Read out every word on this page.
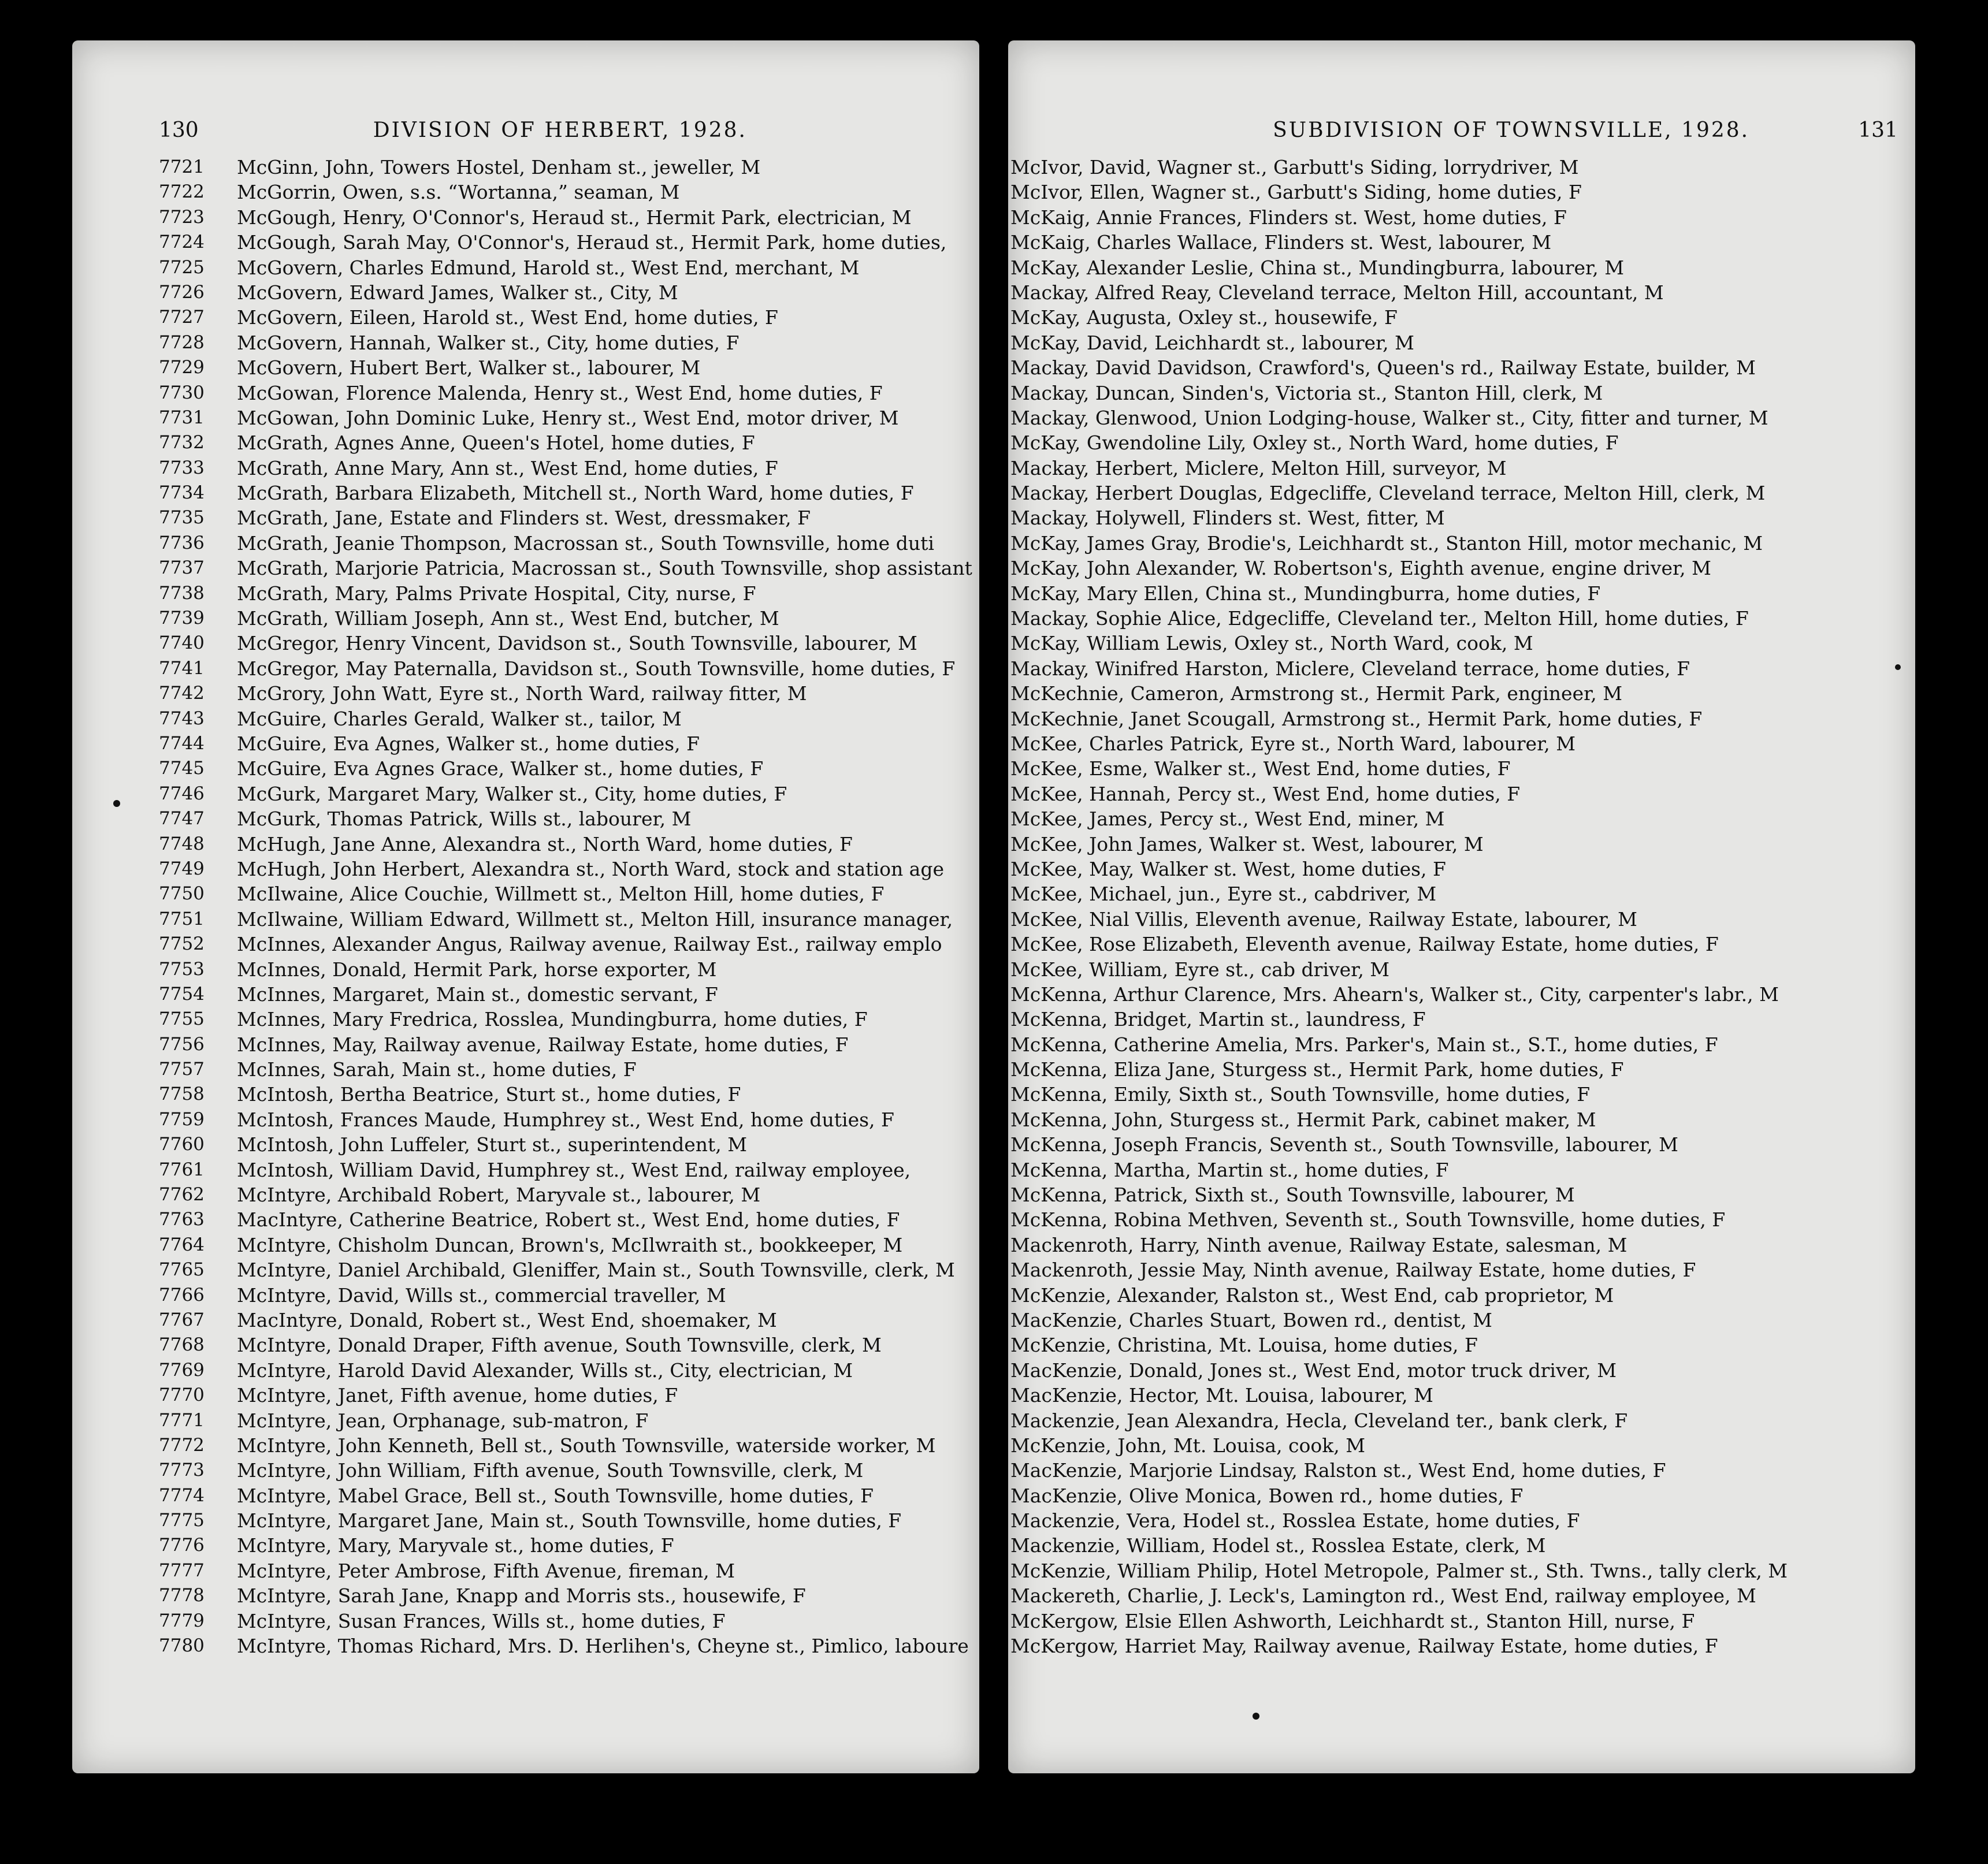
130	DIVISION OF HERBERT, 1928.
7721	McGinn, John, Towers Hostel, Denham st., jeweller, M
7722	McGorrin, Owen, s.s. “Wortanna,” seaman, M
7723	McGough, Henry, O'Connor's, Heraud st., Hermit Park, electrician, M
7724	McGough, Sarah May, O'Connor's, Heraud st., Hermit Park, home duties,
7725	McGovern, Charles Edmund, Harold st., West End, merchant, M
7726	McGovern, Edward James, Walker st., City, M
7727	McGovern, Eileen, Harold st., West End, home duties, F
7728	McGovern, Hannah, Walker st., City, home duties, F
7729	McGovern, Hubert Bert, Walker st., labourer, M
7730	McGowan, Florence Malenda, Henry st., West End, home duties, F
7731	McGowan, John Dominic Luke, Henry st., West End, motor driver, M
7732	McGrath, Agnes Anne, Queen's Hotel, home duties, F
7733	McGrath, Anne Mary, Ann st., West End, home duties, F
7734	McGrath, Barbara Elizabeth, Mitchell st., North Ward, home duties, F
7735	McGrath, Jane, Estate and Flinders st. West, dressmaker, F
7736	McGrath, Jeanie Thompson, Macrossan st., South Townsville, home duti
7737	McGrath, Marjorie Patricia, Macrossan st., South Townsville, shop assistant
7738	McGrath, Mary, Palms Private Hospital, City, nurse, F
7739	McGrath, William Joseph, Ann st., West End, butcher, M
7740	McGregor, Henry Vincent, Davidson st., South Townsville, labourer, M
7741	McGregor, May Paternalla, Davidson st., South Townsville, home duties, F
7742	McGrory, John Watt, Eyre st., North Ward, railway fitter, M
7743	McGuire, Charles Gerald, Walker st., tailor, M
7744	McGuire, Eva Agnes, Walker st., home duties, F
7745	McGuire, Eva Agnes Grace, Walker st., home duties, F
7746	McGurk, Margaret Mary, Walker st., City, home duties, F
7747	McGurk, Thomas Patrick, Wills st., labourer, M
7748	McHugh, Jane Anne, Alexandra st., North Ward, home duties, F
7749	McHugh, John Herbert, Alexandra st., North Ward, stock and station age
7750	McIlwaine, Alice Couchie, Willmett st., Melton Hill, home duties, F
7751	McIlwaine, William Edward, Willmett st., Melton Hill, insurance manager,
7752	McInnes, Alexander Angus, Railway avenue, Railway Est., railway emplo
7753	McInnes, Donald, Hermit Park, horse exporter, M
7754	McInnes, Margaret, Main st., domestic servant, F
7755	McInnes, Mary Fredrica, Rosslea, Mundingburra, home duties, F
7756	McInnes, May, Railway avenue, Railway Estate, home duties, F
7757	McInnes, Sarah, Main st., home duties, F
7758	McIntosh, Bertha Beatrice, Sturt st., home duties, F
7759	McIntosh, Frances Maude, Humphrey st., West End, home duties, F
7760	McIntosh, John Luffeler, Sturt st., superintendent, M
7761	McIntosh, William David, Humphrey st., West End, railway employee,
7762	McIntyre, Archibald Robert, Maryvale st., labourer, M
7763	MacIntyre, Catherine Beatrice, Robert st., West End, home duties, F
7764	McIntyre, Chisholm Duncan, Brown's, McIlwraith st., bookkeeper, M
7765	McIntyre, Daniel Archibald, Gleniffer, Main st., South Townsville, clerk, M
7766	McIntyre, David, Wills st., commercial traveller, M
7767	MacIntyre, Donald, Robert st., West End, shoemaker, M
7768	McIntyre, Donald Draper, Fifth avenue, South Townsville, clerk, M
7769	McIntyre, Harold David Alexander, Wills st., City, electrician, M
7770	McIntyre, Janet, Fifth avenue, home duties, F
7771	McIntyre, Jean, Orphanage, sub-matron, F
7772	McIntyre, John Kenneth, Bell st., South Townsville, waterside worker, M
7773	McIntyre, John William, Fifth avenue, South Townsville, clerk, M
7774	McIntyre, Mabel Grace, Bell st., South Townsville, home duties, F
7775	McIntyre, Margaret Jane, Main st., South Townsville, home duties, F
7776	McIntyre, Mary, Maryvale st., home duties, F
7777	McIntyre, Peter Ambrose, Fifth Avenue, fireman, M
7778	McIntyre, Sarah Jane, Knapp and Morris sts., housewife, F
7779	McIntyre, Susan Frances, Wills st., home duties, F
7780	McIntyre, Thomas Richard, Mrs. D. Herlihen's, Cheyne st., Pimlico, laboure
SUBDIVISION OF TOWNSVILLE, 1928.	131
McIvor, David, Wagner st., Garbutt's Siding, lorrydriver, M
McIvor, Ellen, Wagner st., Garbutt's Siding, home duties, F
McKaig, Annie Frances, Flinders st. West, home duties, F
McKaig, Charles Wallace, Flinders st. West, labourer, M
McKay, Alexander Leslie, China st., Mundingburra, labourer, M
Mackay, Alfred Reay, Cleveland terrace, Melton Hill, accountant, M
McKay, Augusta, Oxley st., housewife, F
McKay, David, Leichhardt st., labourer, M
Mackay, David Davidson, Crawford's, Queen's rd., Railway Estate, builder, M
Mackay, Duncan, Sinden's, Victoria st., Stanton Hill, clerk, M
Mackay, Glenwood, Union Lodging-house, Walker st., City, fitter and turner, M
McKay, Gwendoline Lily, Oxley st., North Ward, home duties, F
Mackay, Herbert, Miclere, Melton Hill, surveyor, M
Mackay, Herbert Douglas, Edgecliffe, Cleveland terrace, Melton Hill, clerk, M
Mackay, Holywell, Flinders st. West, fitter, M
McKay, James Gray, Brodie's, Leichhardt st., Stanton Hill, motor mechanic, M
McKay, John Alexander, W. Robertson's, Eighth avenue, engine driver, M
McKay, Mary Ellen, China st., Mundingburra, home duties, F
Mackay, Sophie Alice, Edgecliffe, Cleveland ter., Melton Hill, home duties, F
McKay, William Lewis, Oxley st., North Ward, cook, M
Mackay, Winifred Harston, Miclere, Cleveland terrace, home duties, F
McKechnie, Cameron, Armstrong st., Hermit Park, engineer, M
McKechnie, Janet Scougall, Armstrong st., Hermit Park, home duties, F
McKee, Charles Patrick, Eyre st., North Ward, labourer, M
McKee, Esme, Walker st., West End, home duties, F
McKee, Hannah, Percy st., West End, home duties, F
McKee, James, Percy st., West End, miner, M
McKee, John James, Walker st. West, labourer, M
McKee, May, Walker st. West, home duties, F
McKee, Michael, jun., Eyre st., cabdriver, M
McKee, Nial Villis, Eleventh avenue, Railway Estate, labourer, M
McKee, Rose Elizabeth, Eleventh avenue, Railway Estate, home duties, F
McKee, William, Eyre st., cab driver, M
McKenna, Arthur Clarence, Mrs. Ahearn's, Walker st., City, carpenter's labr., M
McKenna, Bridget, Martin st., laundress, F
McKenna, Catherine Amelia, Mrs. Parker's, Main st., S.T., home duties, F
McKenna, Eliza Jane, Sturgess st., Hermit Park, home duties, F
McKenna, Emily, Sixth st., South Townsville, home duties, F
McKenna, John, Sturgess st., Hermit Park, cabinet maker, M
McKenna, Joseph Francis, Seventh st., South Townsville, labourer, M
McKenna, Martha, Martin st., home duties, F
McKenna, Patrick, Sixth st., South Townsville, labourer, M
McKenna, Robina Methven, Seventh st., South Townsville, home duties, F
Mackenroth, Harry, Ninth avenue, Railway Estate, salesman, M
Mackenroth, Jessie May, Ninth avenue, Railway Estate, home duties, F
McKenzie, Alexander, Ralston st., West End, cab proprietor, M
MacKenzie, Charles Stuart, Bowen rd., dentist, M
McKenzie, Christina, Mt. Louisa, home duties, F
MacKenzie, Donald, Jones st., West End, motor truck driver, M
MacKenzie, Hector, Mt. Louisa, labourer, M
Mackenzie, Jean Alexandra, Hecla, Cleveland ter., bank clerk, F
McKenzie, John, Mt. Louisa, cook, M
MacKenzie, Marjorie Lindsay, Ralston st., West End, home duties, F
MacKenzie, Olive Monica, Bowen rd., home duties, F
Mackenzie, Vera, Hodel st., Rosslea Estate, home duties, F
Mackenzie, William, Hodel st., Rosslea Estate, clerk, M
McKenzie, William Philip, Hotel Metropole, Palmer st., Sth. Twns., tally clerk, M
Mackereth, Charlie, J. Leck's, Lamington rd., West End, railway employee, M
McKergow, Elsie Ellen Ashworth, Leichhardt st., Stanton Hill, nurse, F
McKergow, Harriet May, Railway avenue, Railway Estate, home duties, F
